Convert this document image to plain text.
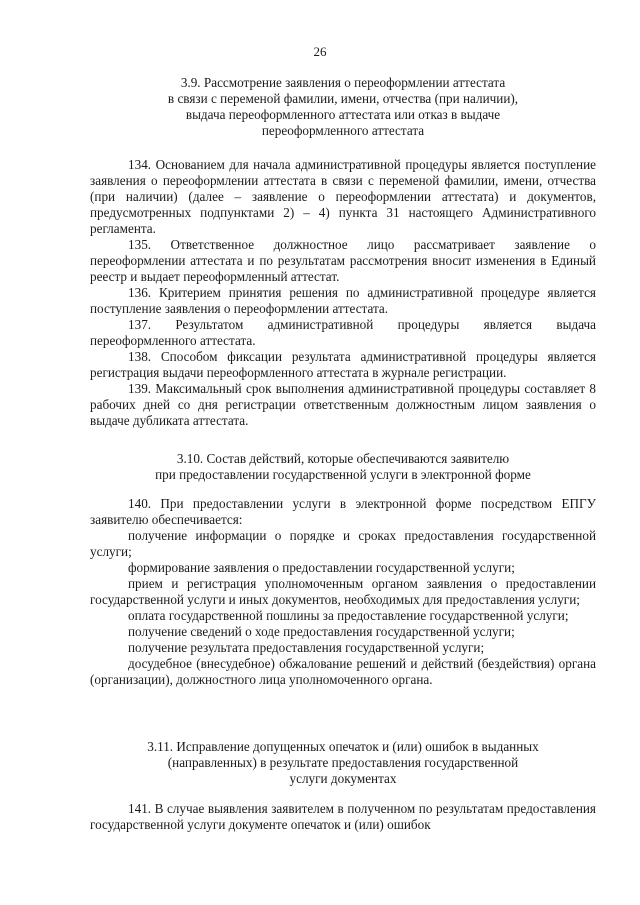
26
3.9. Рассмотрение заявления о переоформлении аттестата
в связи с переменой фамилии, имени, отчества (при наличии),
выдача переоформленного аттестата или отказ в выдаче
переоформленного аттестата

134. Основанием для начала административной процедуры является поступление заявления о переоформлении аттестата в связи с переменой фамилии, имени, отчества (при наличии) (далее – заявление о переоформлении аттестата) и документов, предусмотренных подпунктами 2) – 4) пункта 31 настоящего Административного регламента.

135. Ответственное должностное лицо рассматривает заявление о переоформлении аттестата и по результатам рассмотрения вносит изменения в Единый реестр и выдает переоформленный аттестат.

136. Критерием принятия решения по административной процедуре является поступление заявления о переоформлении аттестата.

137. Результатом административной процедуры является выдача переоформленного аттестата.

138. Способом фиксации результата административной процедуры является регистрация выдачи переоформленного аттестата в журнале регистрации.

139. Максимальный срок выполнения административной процедуры составляет 8 рабочих дней со дня регистрации ответственным должностным лицом заявления о выдаче дубликата аттестата.

3.10. Состав действий, которые обеспечиваются заявителю
при предоставлении государственной услуги в электронной форме

140. При предоставлении услуги в электронной форме посредством ЕПГУ заявителю обеспечивается:

получение информации о порядке и сроках предоставления государственной услуги;

формирование заявления о предоставлении государственной услуги;

прием и регистрация уполномоченным органом заявления о предоставлении государственной услуги и иных документов, необходимых для предоставления услуги;

оплата государственной пошлины за предоставление государственной услуги;

получение сведений о ходе предоставления государственной услуги;

получение результата предоставления государственной услуги;

досудебное (внесудебное) обжалование решений и действий (бездействия) органа (организации), должностного лица уполномоченного органа.

3.11. Исправление допущенных опечаток и (или) ошибок в выданных
(направленных) в результате предоставления государственной
услуги документах

141. В случае выявления заявителем в полученном по результатам предоставления государственной услуги документе опечаток и (или) ошибок
